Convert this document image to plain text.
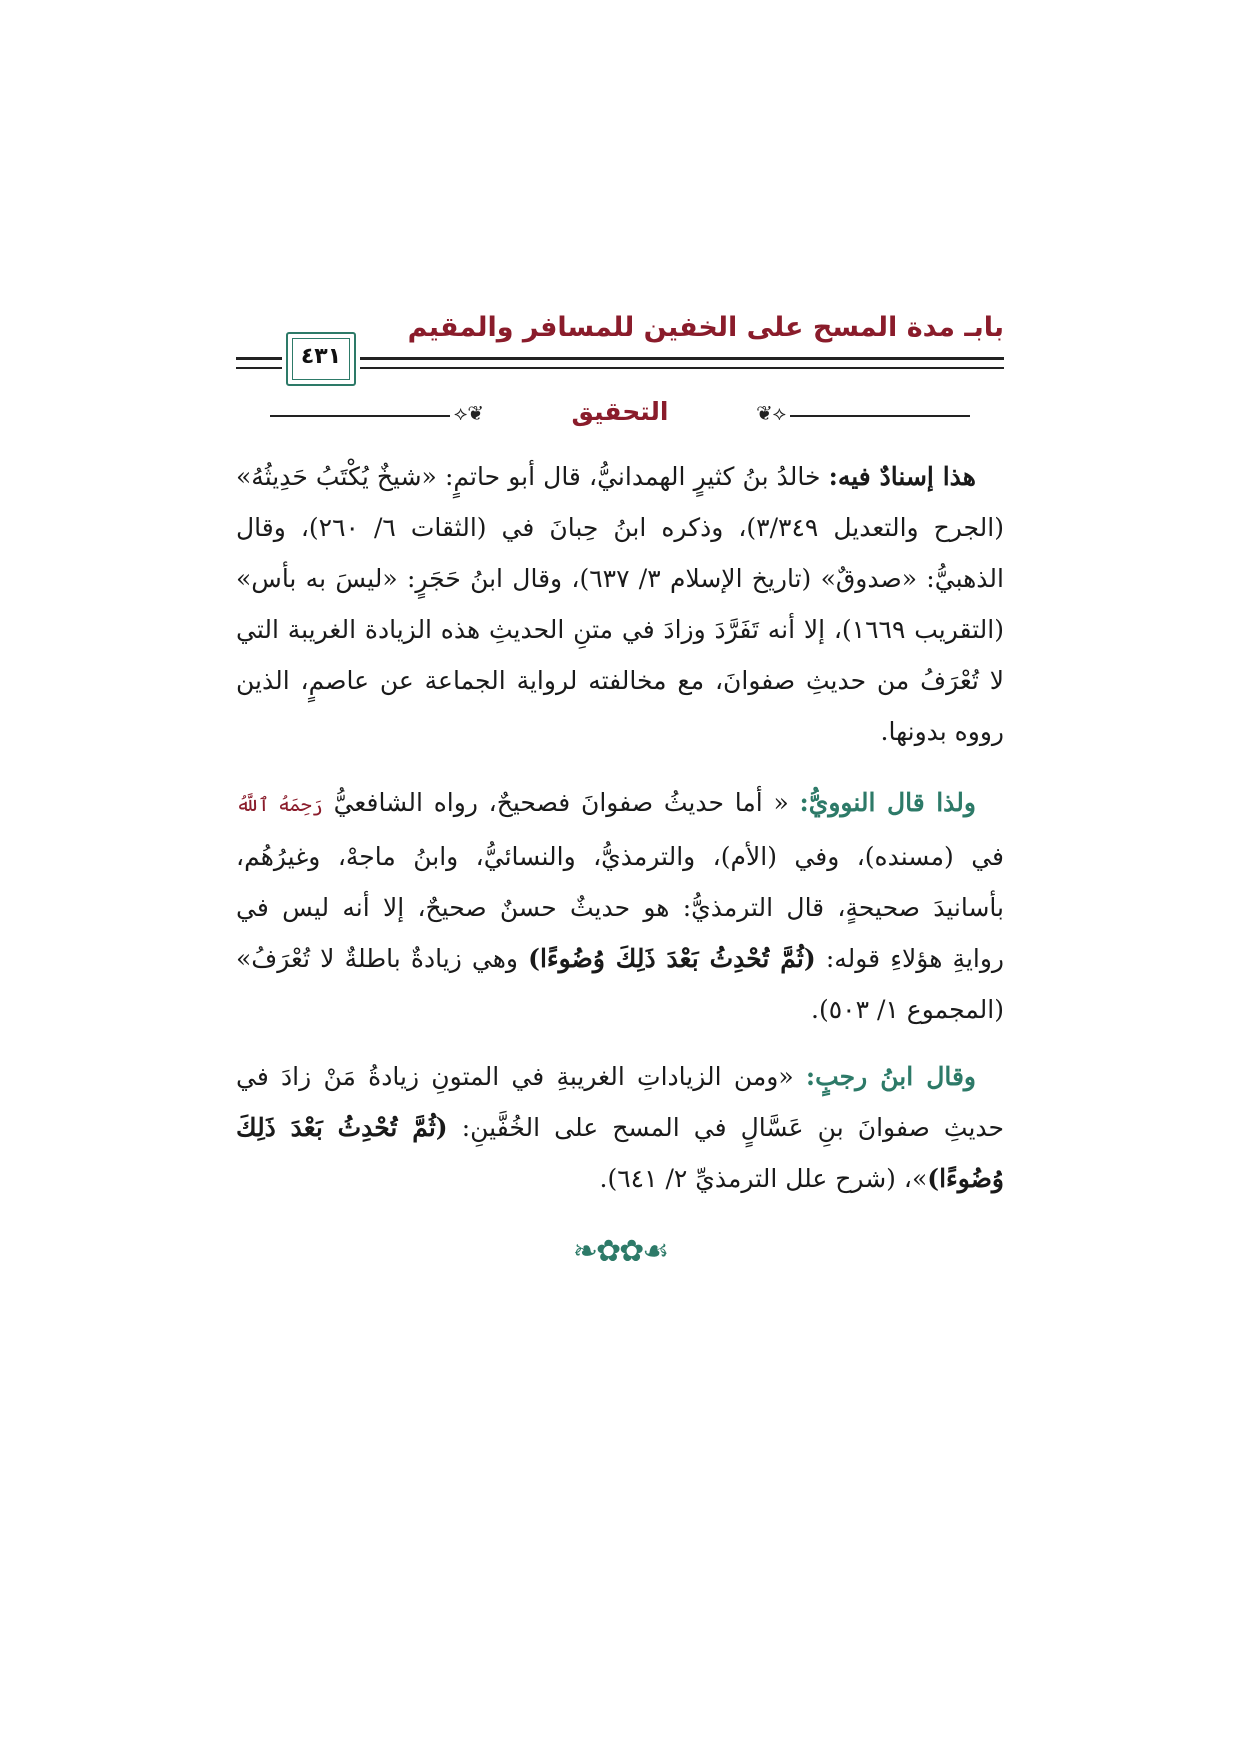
بابـ مدة المسح على الخفين للمسافر والمقيم
٤٣١
⟡❦	التحقيق	❦⟡

هذا إسنادٌ فيه: خالدُ بنُ كثيرٍ الهمدانيُّ، قال أبو حاتمٍ: «شيخٌ يُكْتَبُ حَدِيثُهُ» (الجرح والتعديل ٣/٣٤٩)، وذكره ابنُ حِبانَ في (الثقات ٦/ ٢٦٠)، وقال الذهبيُّ: «صدوقٌ» (تاريخ الإسلام ٣/ ٦٣٧)، وقال ابنُ حَجَرٍ: «ليسَ به بأس» (التقريب ١٦٦٩)، إلا أنه تَفَرَّدَ وزادَ في متنِ الحديثِ هذه الزيادة الغريبة التي لا تُعْرَفُ من حديثِ صفوانَ، مع مخالفته لرواية الجماعة عن عاصمٍ، الذين رووه بدونها.

ولذا قال النوويُّ: « أما حديثُ صفوانَ فصحيحٌ، رواه الشافعيُّ رَحِمَهُ ٱللَّهُ في (مسنده)، وفي (الأم)، والترمذيُّ، والنسائيُّ، وابنُ ماجهْ، وغيرُهُم، بأسانيدَ صحيحةٍ، قال الترمذيُّ: هو حديثٌ حسنٌ صحيحٌ، إلا أنه ليس في روايةِ هؤلاءِ قوله: (ثُمَّ تُحْدِثُ بَعْدَ ذَلِكَ وُضُوءًا) وهي زيادةٌ باطلةٌ لا تُعْرَفُ» (المجموع ١/ ٥٠٣).

وقال ابنُ رجبٍ: «ومن الزياداتِ الغريبةِ في المتونِ زيادةُ مَنْ زادَ في حديثِ صفوانَ بنِ عَسَّالٍ في المسح على الخُفَّينِ: (ثُمَّ تُحْدِثُ بَعْدَ ذَلِكَ وُضُوءًا)»، (شرح علل الترمذيِّ ٢/ ٦٤١).

❧✿✿☙
